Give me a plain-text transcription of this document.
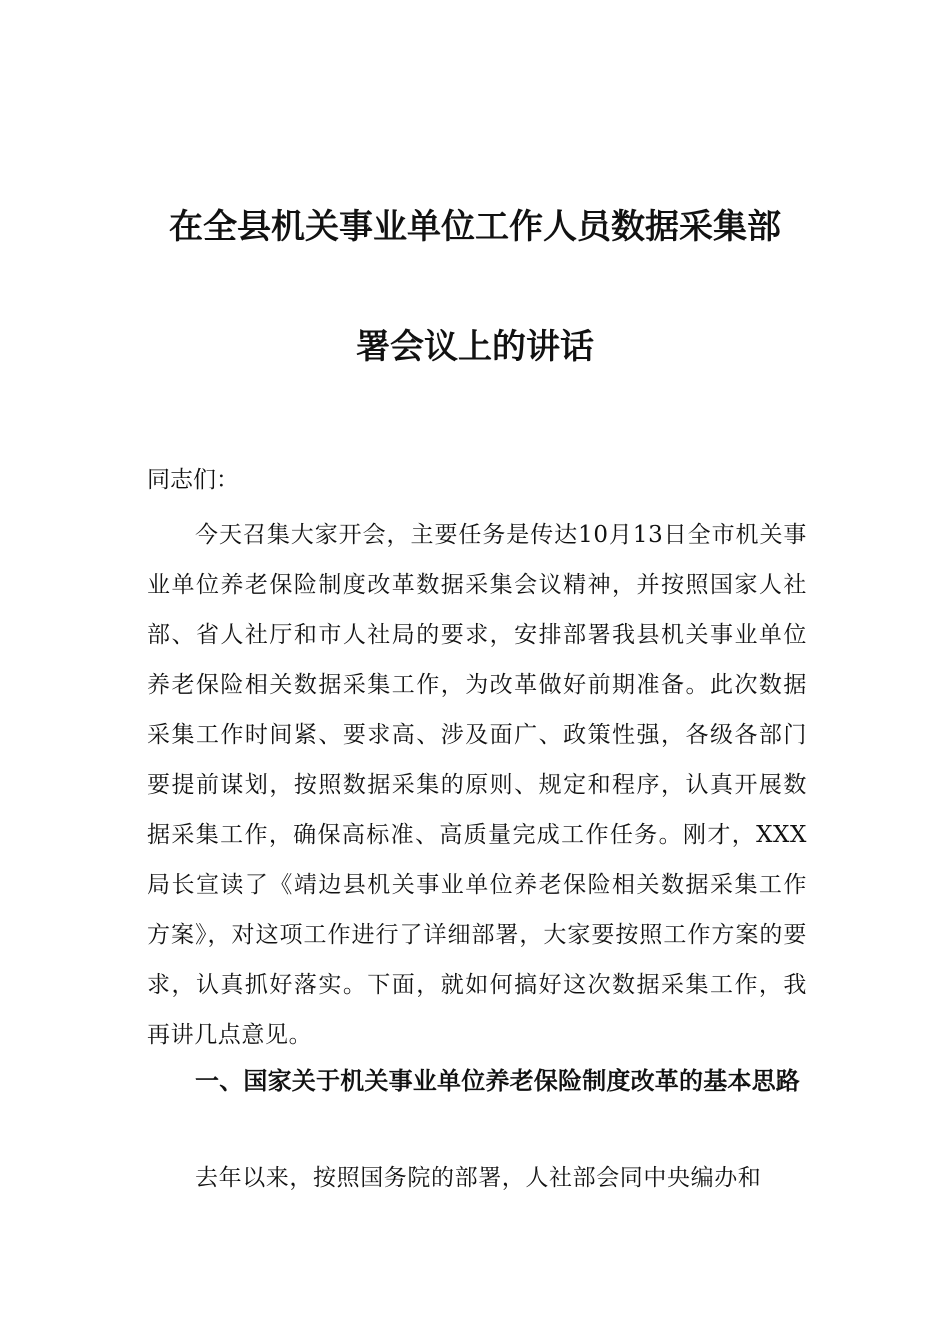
在全县机关事业单位工作人员数据采集部
署会议上的讲话
同志们：
今天召集大家开会，主要任务是传达10月13日全市机关事业单位养老保险制度改革数据采集会议精神，并按照国家人社部、省人社厅和市人社局的要求，安排部署我县机关事业单位养老保险相关数据采集工作，为改革做好前期准备。此次数据采集工作时间紧、要求高、涉及面广、政策性强，各级各部门要提前谋划，按照数据采集的原则、规定和程序，认真开展数据采集工作，确保高标准、高质量完成工作任务。刚才，XXX局长宣读了《靖边县机关事业单位养老保险相关数据采集工作方案》，对这项工作进行了详细部署，大家要按照工作方案的要求，认真抓好落实。下面，就如何搞好这次数据采集工作，我再讲几点意见。
一、国家关于机关事业单位养老保险制度改革的基本思路
去年以来，按照国务院的部署，人社部会同中央编办和
